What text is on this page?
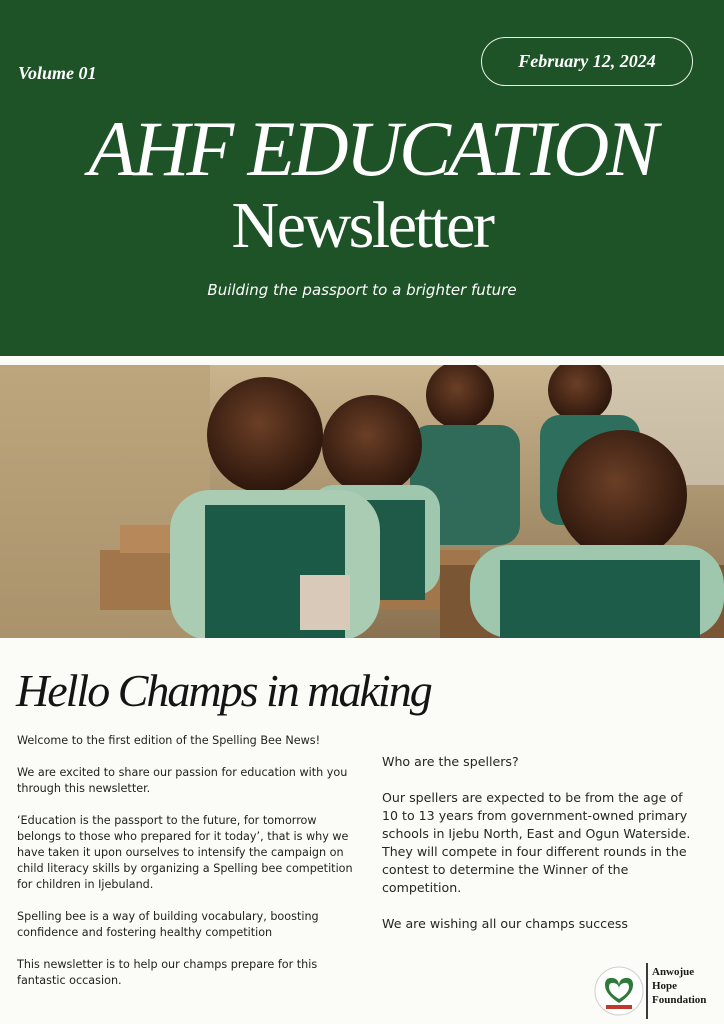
Volume 01
February 12, 2024
AHF EDUCATION
Newsletter
Building the passport to a brighter future
Hello Champs in making

Welcome to the first edition of the Spelling Bee News!

We are excited to share our passion for education with you through this newsletter.

‘Education is the passport to the future, for tomorrow belongs to those who prepared for it today’, that is why we have taken it upon ourselves to intensify the campaign on child literacy skills by organizing a Spelling bee competition for children in Ijebuland.

Spelling bee is a way of building vocabulary, boosting confidence and fostering healthy competition

This newsletter is to help our champs prepare for this fantastic occasion.

Who are the spellers?

Our spellers are expected to be from the age of 10 to 13 years from government-owned primary schools in Ijebu North, East and Ogun Waterside.
They will compete in four different rounds in the contest to determine the Winner of the competition.

We are wishing all our champs success

Anwojue
Hope
Foundation
